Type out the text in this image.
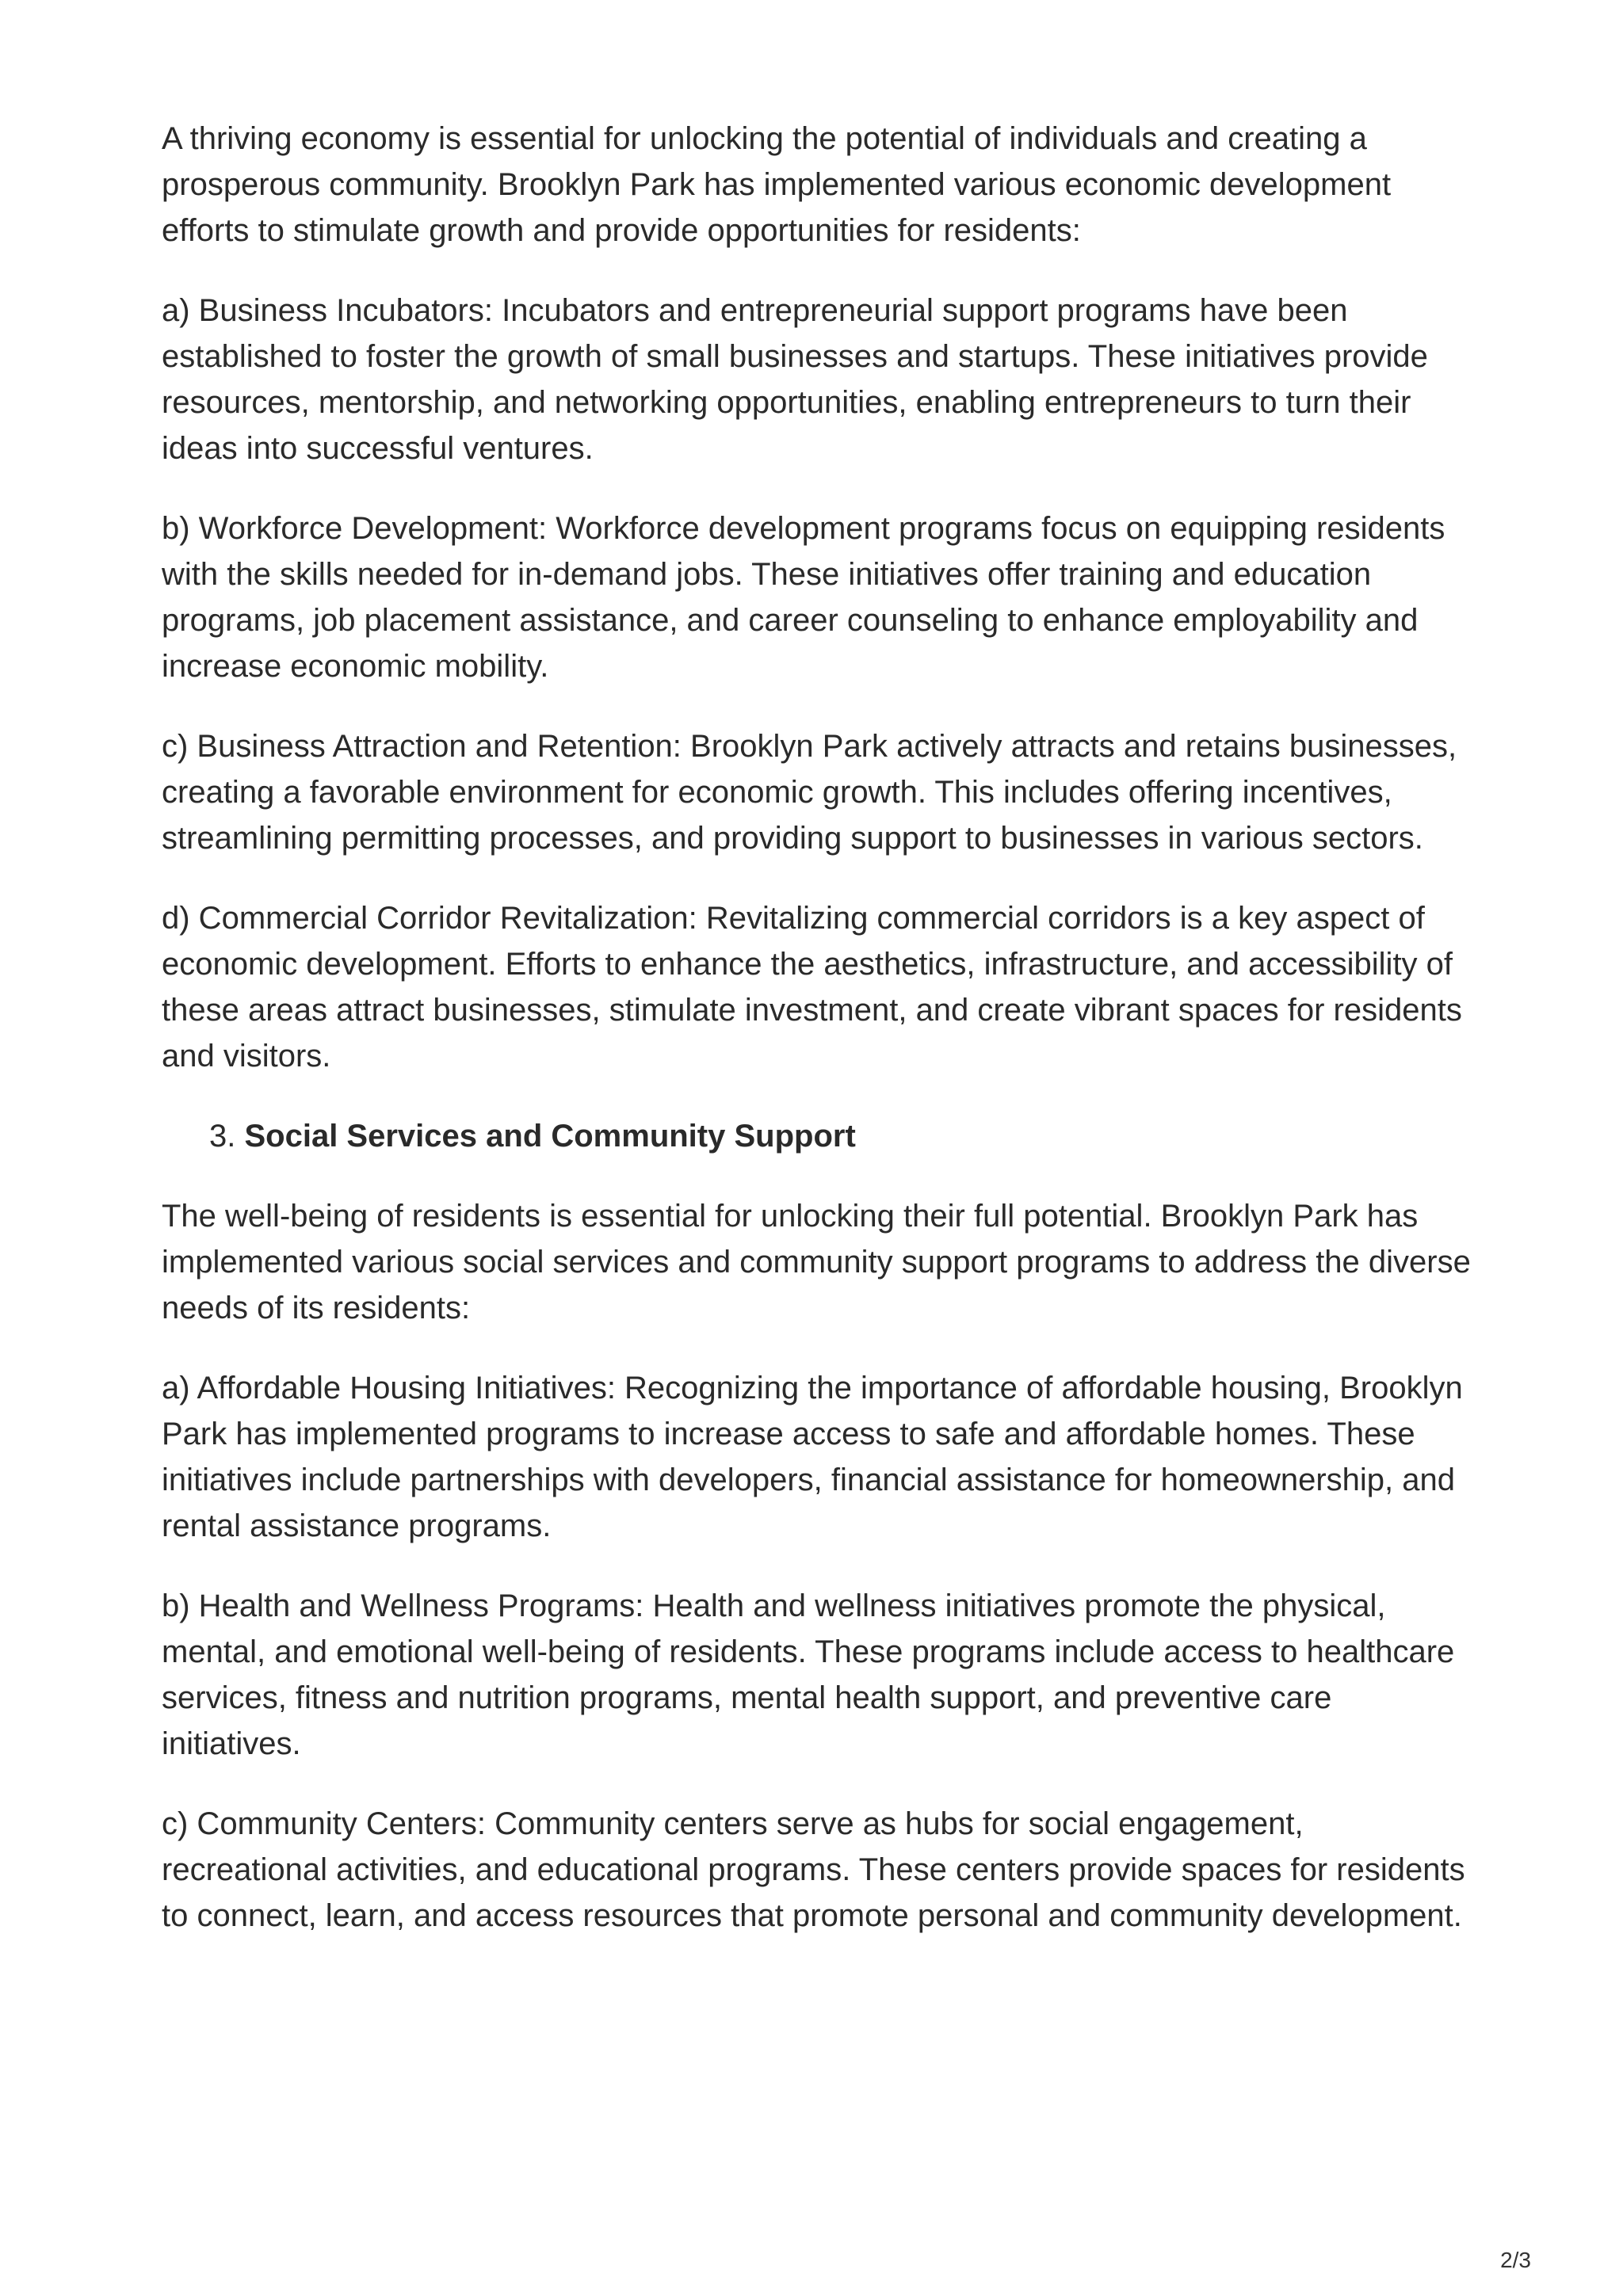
A thriving economy is essential for unlocking the potential of individuals and creating a prosperous community. Brooklyn Park has implemented various economic development efforts to stimulate growth and provide opportunities for residents:

a) Business Incubators: Incubators and entrepreneurial support programs have been established to foster the growth of small businesses and startups. These initiatives provide resources, mentorship, and networking opportunities, enabling entrepreneurs to turn their ideas into successful ventures.

b) Workforce Development: Workforce development programs focus on equipping residents with the skills needed for in-demand jobs. These initiatives offer training and education programs, job placement assistance, and career counseling to enhance employability and increase economic mobility.

c) Business Attraction and Retention: Brooklyn Park actively attracts and retains businesses, creating a favorable environment for economic growth. This includes offering incentives, streamlining permitting processes, and providing support to businesses in various sectors.

d) Commercial Corridor Revitalization: Revitalizing commercial corridors is a key aspect of economic development. Efforts to enhance the aesthetics, infrastructure, and accessibility of these areas attract businesses, stimulate investment, and create vibrant spaces for residents and visitors.

3. Social Services and Community Support

The well-being of residents is essential for unlocking their full potential. Brooklyn Park has implemented various social services and community support programs to address the diverse needs of its residents:

a) Affordable Housing Initiatives: Recognizing the importance of affordable housing, Brooklyn Park has implemented programs to increase access to safe and affordable homes. These initiatives include partnerships with developers, financial assistance for homeownership, and rental assistance programs.

b) Health and Wellness Programs: Health and wellness initiatives promote the physical, mental, and emotional well-being of residents. These programs include access to healthcare services, fitness and nutrition programs, mental health support, and preventive care initiatives.

c) Community Centers: Community centers serve as hubs for social engagement, recreational activities, and educational programs. These centers provide spaces for residents to connect, learn, and access resources that promote personal and community development.

2/3
